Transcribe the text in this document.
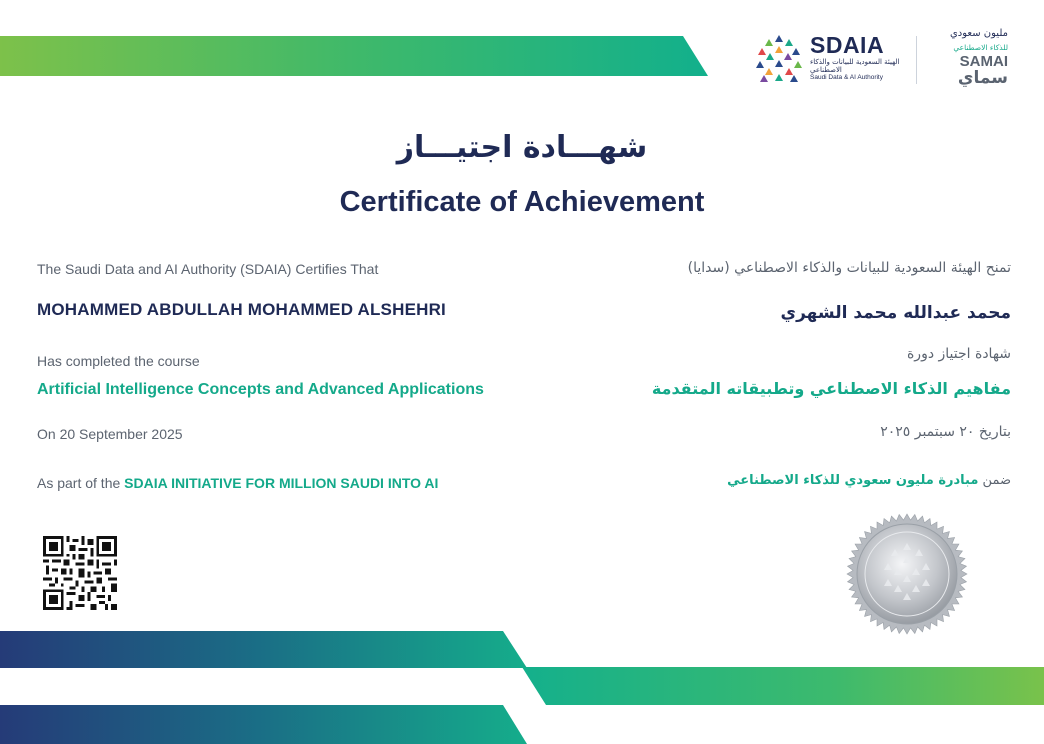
SDAIA
الهيئة السعودية للبيانات والذكاء الاصطناعي
Saudi Data & AI Authority
مليون سعودي
للذكاء الاصطناعي
SAMAI
سماي
شهـــادة اجتيـــاز
Certificate of Achievement
The Saudi Data and AI Authority (SDAIA) Certifies That
MOHAMMED ABDULLAH MOHAMMED ALSHEHRI
Has completed the course
Artificial Intelligence Concepts and Advanced Applications
On 20 September 2025
As part of the SDAIA INITIATIVE FOR MILLION SAUDI INTO AI
تمنح الهيئة السعودية للبيانات والذكاء الاصطناعي (سدايا)
محمد عبدالله محمد الشهري
شهادة اجتياز دورة
مفاهيم الذكاء الاصطناعي وتطبيقاته المتقدمة
بتاريخ ٢٠ سبتمبر ٢٠٢٥
ضمن مبادرة مليون سعودي للذكاء الاصطناعي
